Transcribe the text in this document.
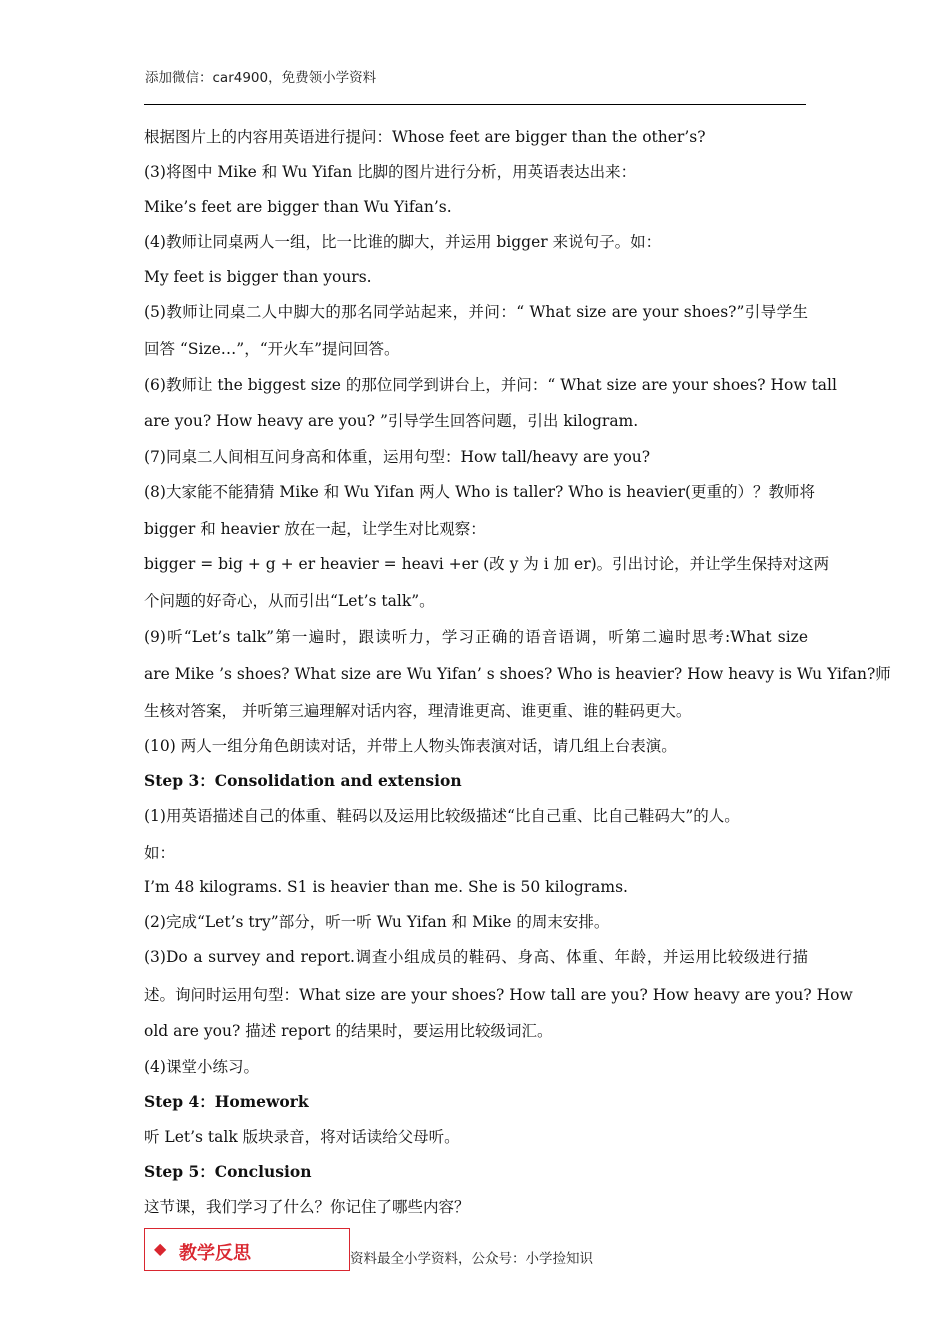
添加微信：car4900，免费领小学资料
根据图片上的内容用英语进行提问：Whose feet are bigger than the other’s?
(3)将图中 Mike 和 Wu Yifan 比脚的图片进行分析，用英语表达出来：
Mike’s feet are bigger than Wu Yifan’s.
(4)教师让同桌两人一组，比一比谁的脚大，并运用 bigger 来说句子。如：
My feet is bigger than yours.
(5)教师让同桌二人中脚大的那名同学站起来，并问：“ What size are your shoes?”引导学生
回答 “Size…”，“开火车”提问回答。
(6)教师让 the biggest size 的那位同学到讲台上，并问：“ What size are your shoes? How tall
are you? How heavy are you? ”引导学生回答问题，引出 kilogram.
(7)同桌二人间相互问身高和体重，运用句型：How tall/heavy are you?
(8)大家能不能猜猜 Mike 和 Wu Yifan 两人 Who is taller? Who is heavier(更重的）？教师将
bigger 和 heavier 放在一起，让学生对比观察：
bigger = big + g + er heavier = heavi +er (改 y 为 i 加 er)。引出讨论，并让学生保持对这两
个问题的好奇心，从而引出“Let’s talk”。
(9)听“Let’s talk”第一遍时，跟读听力，学习正确的语音语调，听第二遍时思考:What size
are Mike ’s shoes? What size are Wu Yifan’ s shoes? Who is heavier? How heavy is Wu Yifan?师
生核对答案， 并听第三遍理解对话内容，理清谁更高、谁更重、谁的鞋码更大。
(10) 两人一组分角色朗读对话，并带上人物头饰表演对话，请几组上台表演。
Step 3：Consolidation and extension
(1)用英语描述自己的体重、鞋码以及运用比较级描述“比自己重、比自己鞋码大”的人。
如：
I’m 48 kilograms. S1 is heavier than me. She is 50 kilograms.
(2)完成“Let’s try”部分，听一听 Wu Yifan 和 Mike 的周末安排。
(3)Do a survey and report.调查小组成员的鞋码、身高、体重、年龄，并运用比较级进行描
述。询问时运用句型：What size are your shoes? How tall are you? How heavy are you? How
old are you? 描述 report 的结果时，要运用比较级词汇。
(4)课堂小练习。
Step 4：Homework
听 Let’s talk 版块录音，将对话读给父母听。
Step 5：Conclusion
这节课，我们学习了什么？你记住了哪些内容？
◆ 教学反思	资料最全小学资料，公众号：小学捡知识
